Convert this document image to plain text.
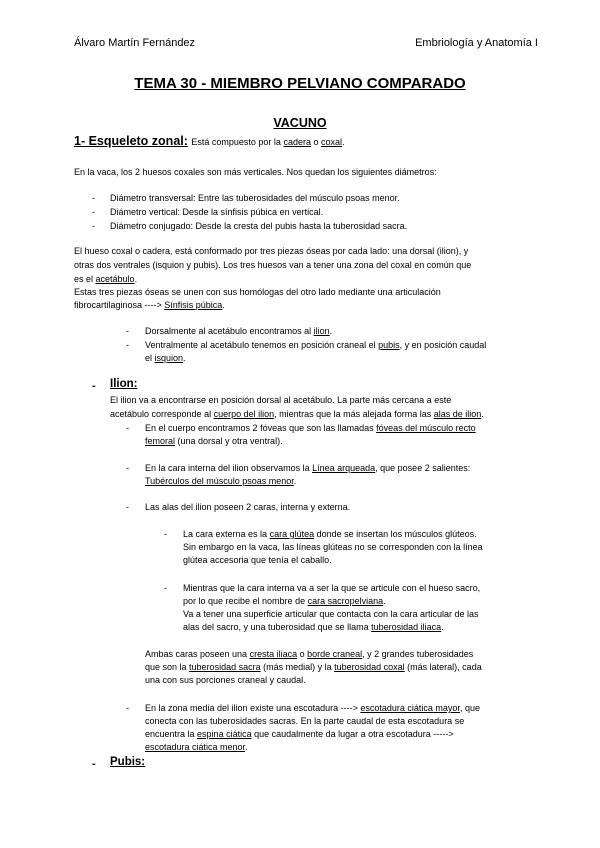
Álvaro Martín Fernández	Embriología y Anatomía I
TEMA 30 - MIEMBRO PELVIANO COMPARADO
VACUNO
1- Esqueleto zonal: Está compuesto por la cadera o coxal.
En la vaca, los 2 huesos coxales son más verticales. Nos quedan los siguientes diámetros:
- Diámetro transversal: Entre las tuberosidades del músculo psoas menor.
- Diámetro vertical: Desde la sínfisis púbica en vertical.
- Diámetro conjugado: Desde la cresta del pubis hasta la tuberosidad sacra.
El hueso coxal o cadera, está conformado por tres piezas óseas por cada lado: una dorsal (ilion), y
otras dos ventrales (isquion y pubis). Los tres huesos van a tener una zona del coxal en común que
es el acetábulo.
Estas tres piezas óseas se unen con sus homólogas del otro lado mediante una articulación
fibrocartilaginosa ----> Sínfisis púbica.
- Dorsalmente al acetábulo encontramos al ilion.
- Ventralmente al acetábulo tenemos en posición craneal el pubis, y en posición caudal
el isquion.
- Ilion:
El ilion va a encontrarse en posición dorsal al acetábulo. La parte más cercana a este
acetábulo corresponde al cuerpo del ilion, mientras que la más alejada forma las alas de ilion.
- En el cuerpo encontramos 2 fóveas que son las llamadas fóveas del músculo recto
femoral (una dorsal y otra ventral).
- En la cara interna del ilion observamos la Línea arqueada, que posee 2 salientes:
Tubérculos del músculo psoas menor.
- Las alas del ilion poseen 2 caras, interna y externa.
- La cara externa es la cara glútea donde se insertan los músculos glúteos.
Sin embargo en la vaca, las líneas glúteas no se corresponden con la línea
glútea accesoria que tenía el caballo.
- Mientras que la cara interna va a ser la que se articule con el hueso sacro,
por lo que recibe el nombre de cara sacropelviana.
Va a tener una superficie articular que contacta con la cara articular de las
alas del sacro, y una tuberosidad que se llama tuberosidad iliaca.
Ambas caras poseen una cresta iliaca o borde craneal, y 2 grandes tuberosidades
que son la tuberosidad sacra (más medial) y la tuberosidad coxal (más lateral), cada
una con sus porciones craneal y caudal.
- En la zona media del ilion existe una escotadura ----> escotadura ciática mayor, que
conecta con las tuberosidades sacras. En la parte caudal de esta escotadura se
encuentra la espina ciática que caudalmente da lugar a otra escotadura ----->
escotadura ciática menor.
- Pubis:
